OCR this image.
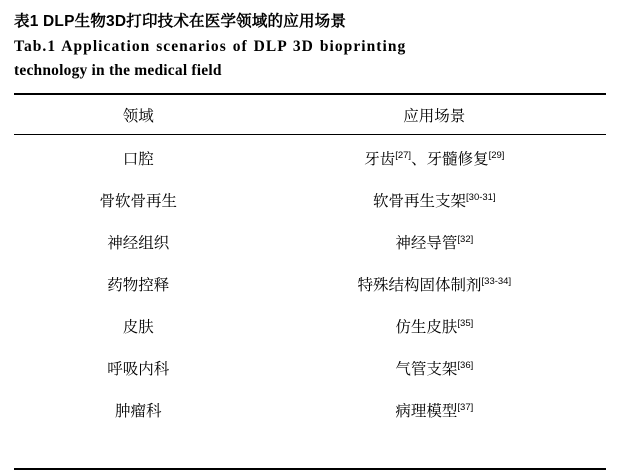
表1 DLP生物3D打印技术在医学领域的应用场景
Tab.1 Application scenarios of DLP 3D bioprinting
technology in the medical field
领域	应用场景
口腔	牙齿[27]、牙髓修复[29]
骨软骨再生	软骨再生支架[30-31]
神经组织	神经导管[32]
药物控释	特殊结构固体制剂[33-34]
皮肤	仿生皮肤[35]
呼吸内科	气管支架[36]
肿瘤科	病理模型[37]
